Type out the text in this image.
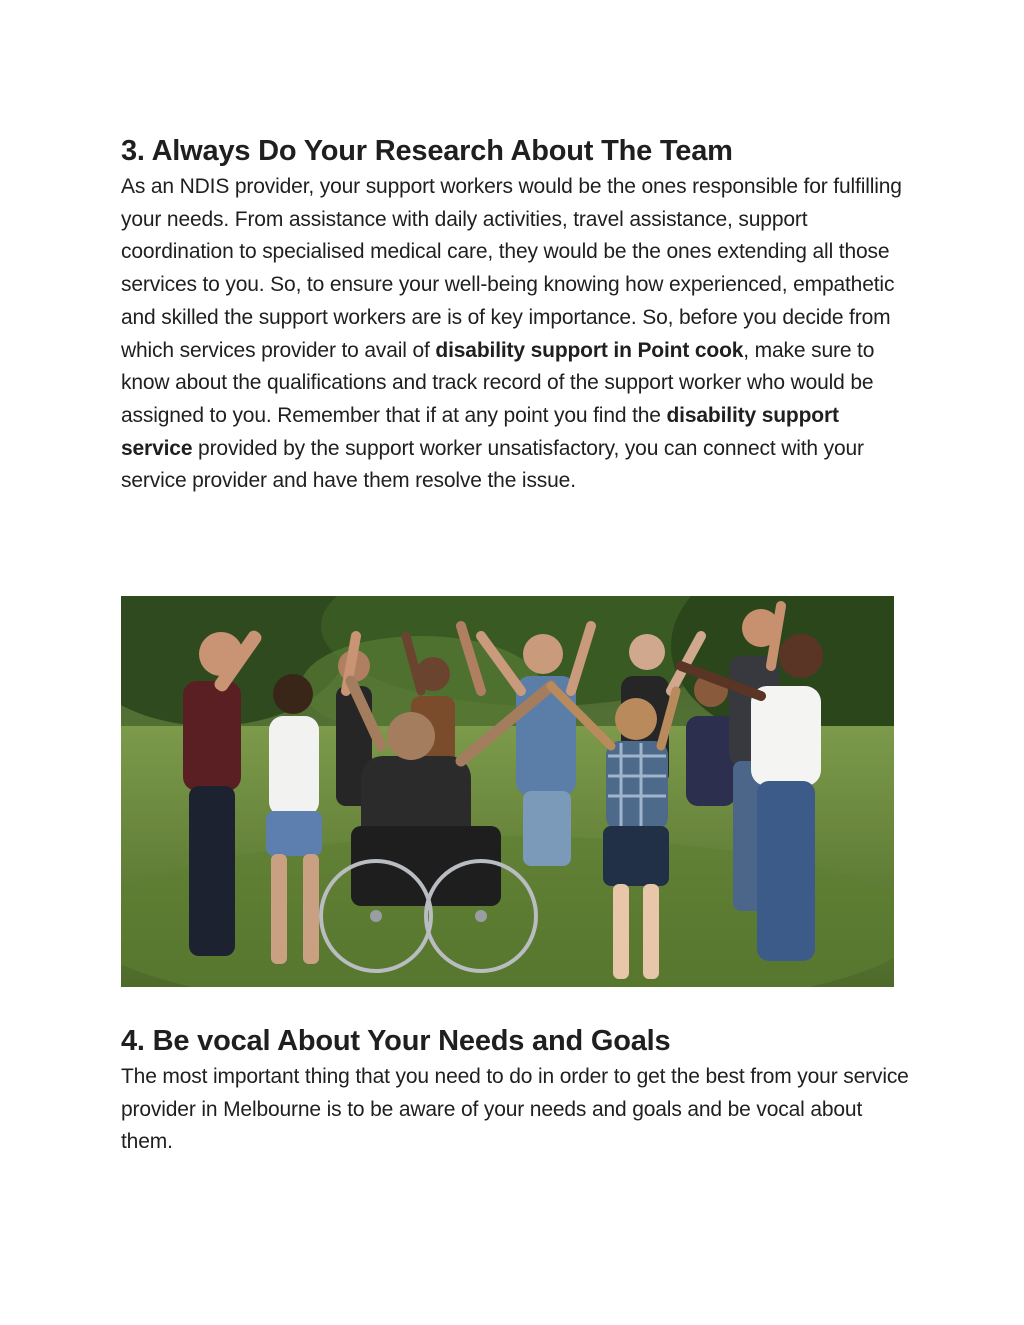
3. Always Do Your Research About The Team

As an NDIS provider, your support workers would be the ones responsible for fulfilling your needs. From assistance with daily activities, travel assistance, support coordination to specialised medical care, they would be the ones extending all those services to you. So, to ensure your well-being knowing how experienced, empathetic and skilled the support workers are is of key importance. So, before you decide from which services provider to avail of disability support in Point cook, make sure to know about the qualifications and track record of the support worker who would be assigned to you. Remember that if at any point you find the disability support service provided by the support worker unsatisfactory, you can connect with your service provider and have them resolve the issue.

4. Be vocal About Your Needs and Goals

The most important thing that you need to do in order to get the best from your service provider in Melbourne is to be aware of your needs and goals and be vocal about them.
